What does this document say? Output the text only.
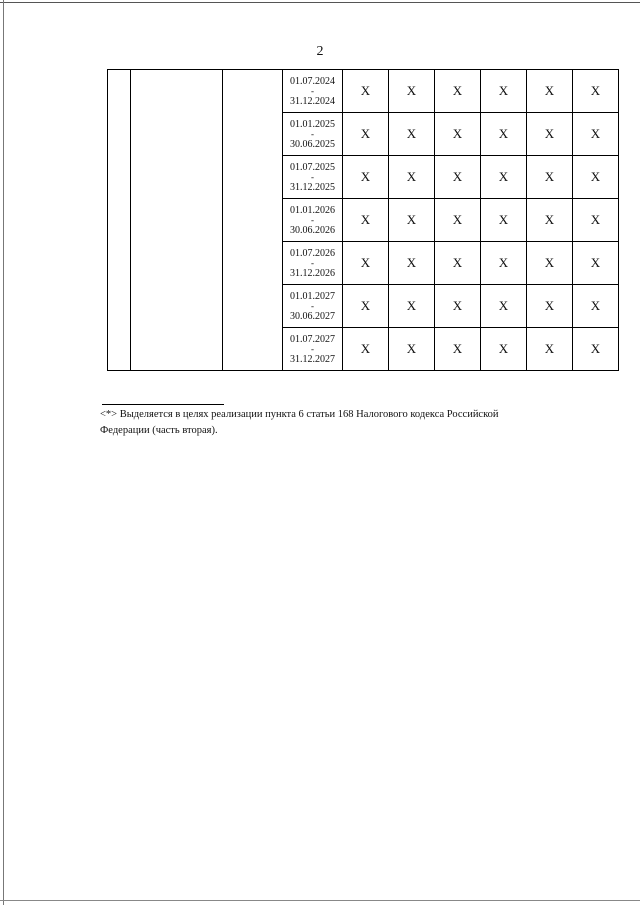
2

			01.07.2024
-
31.12.2024	X	X	X	X	X	X

			01.01.2025
-
30.06.2025	X	X	X	X	X	X

			01.07.2025
-
31.12.2025	X	X	X	X	X	X

			01.01.2026
-
30.06.2026	X	X	X	X	X	X

			01.07.2026
-
31.12.2026	X	X	X	X	X	X

			01.01.2027
-
30.06.2027	X	X	X	X	X	X

			01.07.2027
-
31.12.2027	X	X	X	X	X	X
<*> Выделяется в целях реализации пункта 6 статьи 168 Налогового кодекса Российской Федерации (часть вторая).
